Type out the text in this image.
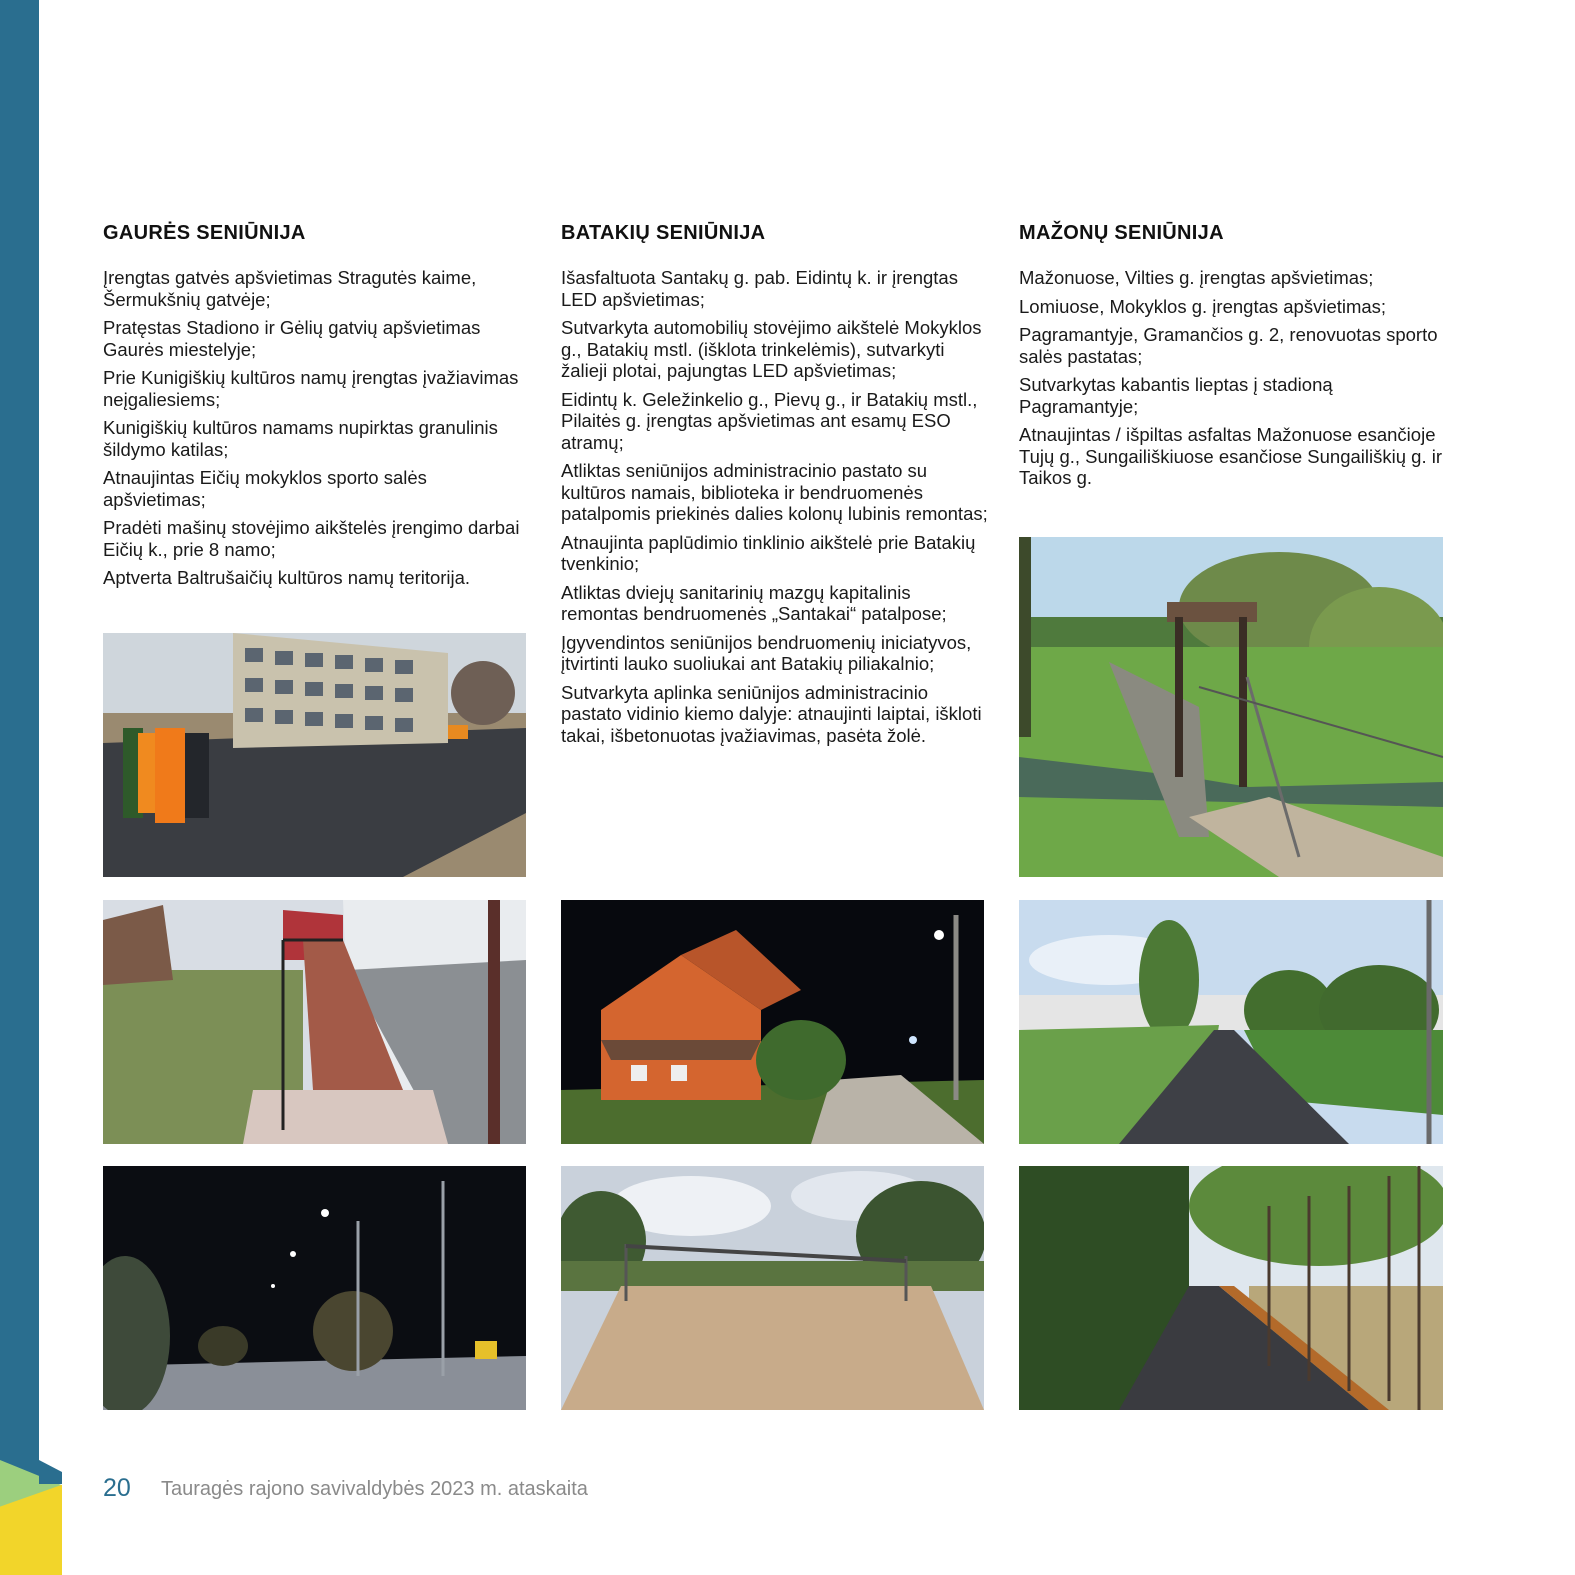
GAURĖS SENIŪNIJA

Įrengtas gatvės apšvietimas Stragutės kaime, Šermukšnių gatvėje;

Pratęstas Stadiono ir Gėlių gatvių apšvietimas Gaurės miestelyje;

Prie Kunigiškių kultūros namų įrengtas įvažiavimas neįgaliesiems;

Kunigiškių kultūros namams nupirktas granulinis šildymo katilas;

Atnaujintas Eičių mokyklos sporto salės apšvietimas;

Pradėti mašinų stovėjimo aikštelės įrengimo darbai Eičių k., prie 8 namo;

Aptverta Baltrušaičių kultūros namų teritorija.

BATAKIŲ SENIŪNIJA

Išasfaltuota Santakų g. pab. Eidintų k. ir įrengtas LED apšvietimas;

Sutvarkyta automobilių stovėjimo aikštelė Mokyklos g., Batakių mstl. (išklota trinkelėmis), sutvarkyti žalieji plotai, pajungtas LED apšvietimas;

Eidintų k. Geležinkelio g., Pievų g., ir Batakių mstl., Pilaitės g. įrengtas apšvietimas ant esamų ESO atramų;

Atliktas seniūnijos administracinio pastato su kultūros namais, biblioteka ir bendruomenės patalpomis priekinės dalies kolonų lubinis remontas;

Atnaujinta paplūdimio tinklinio aikštelė prie Batakių tvenkinio;

Atliktas dviejų sanitarinių mazgų kapitalinis remontas bendruomenės „Santakai“ patalpose;

Įgyvendintos seniūnijos bendruomenių iniciatyvos, įtvirtinti lauko suoliukai ant Batakių piliakalnio;

Sutvarkyta aplinka seniūnijos administracinio pastato vidinio kiemo dalyje: atnaujinti laiptai, iškloti takai, išbetonuotas įvažiavimas, pasėta žolė.

MAŽONŲ SENIŪNIJA

Mažonuose, Vilties g. įrengtas apšvietimas;

Lomiuose, Mokyklos g. įrengtas apšvietimas;

Pagramantyje, Gramančios g. 2, renovuotas sporto salės pastatas;

Sutvarkytas kabantis lieptas į stadioną Pagramantyje;

Atnaujintas / išpiltas asfaltas Mažonuose esančioje Tujų g., Sungailiškiuose esančiose Sungailiškių g. ir Taikos g.

20 Tauragės rajono savivaldybės 2023 m. ataskaita
